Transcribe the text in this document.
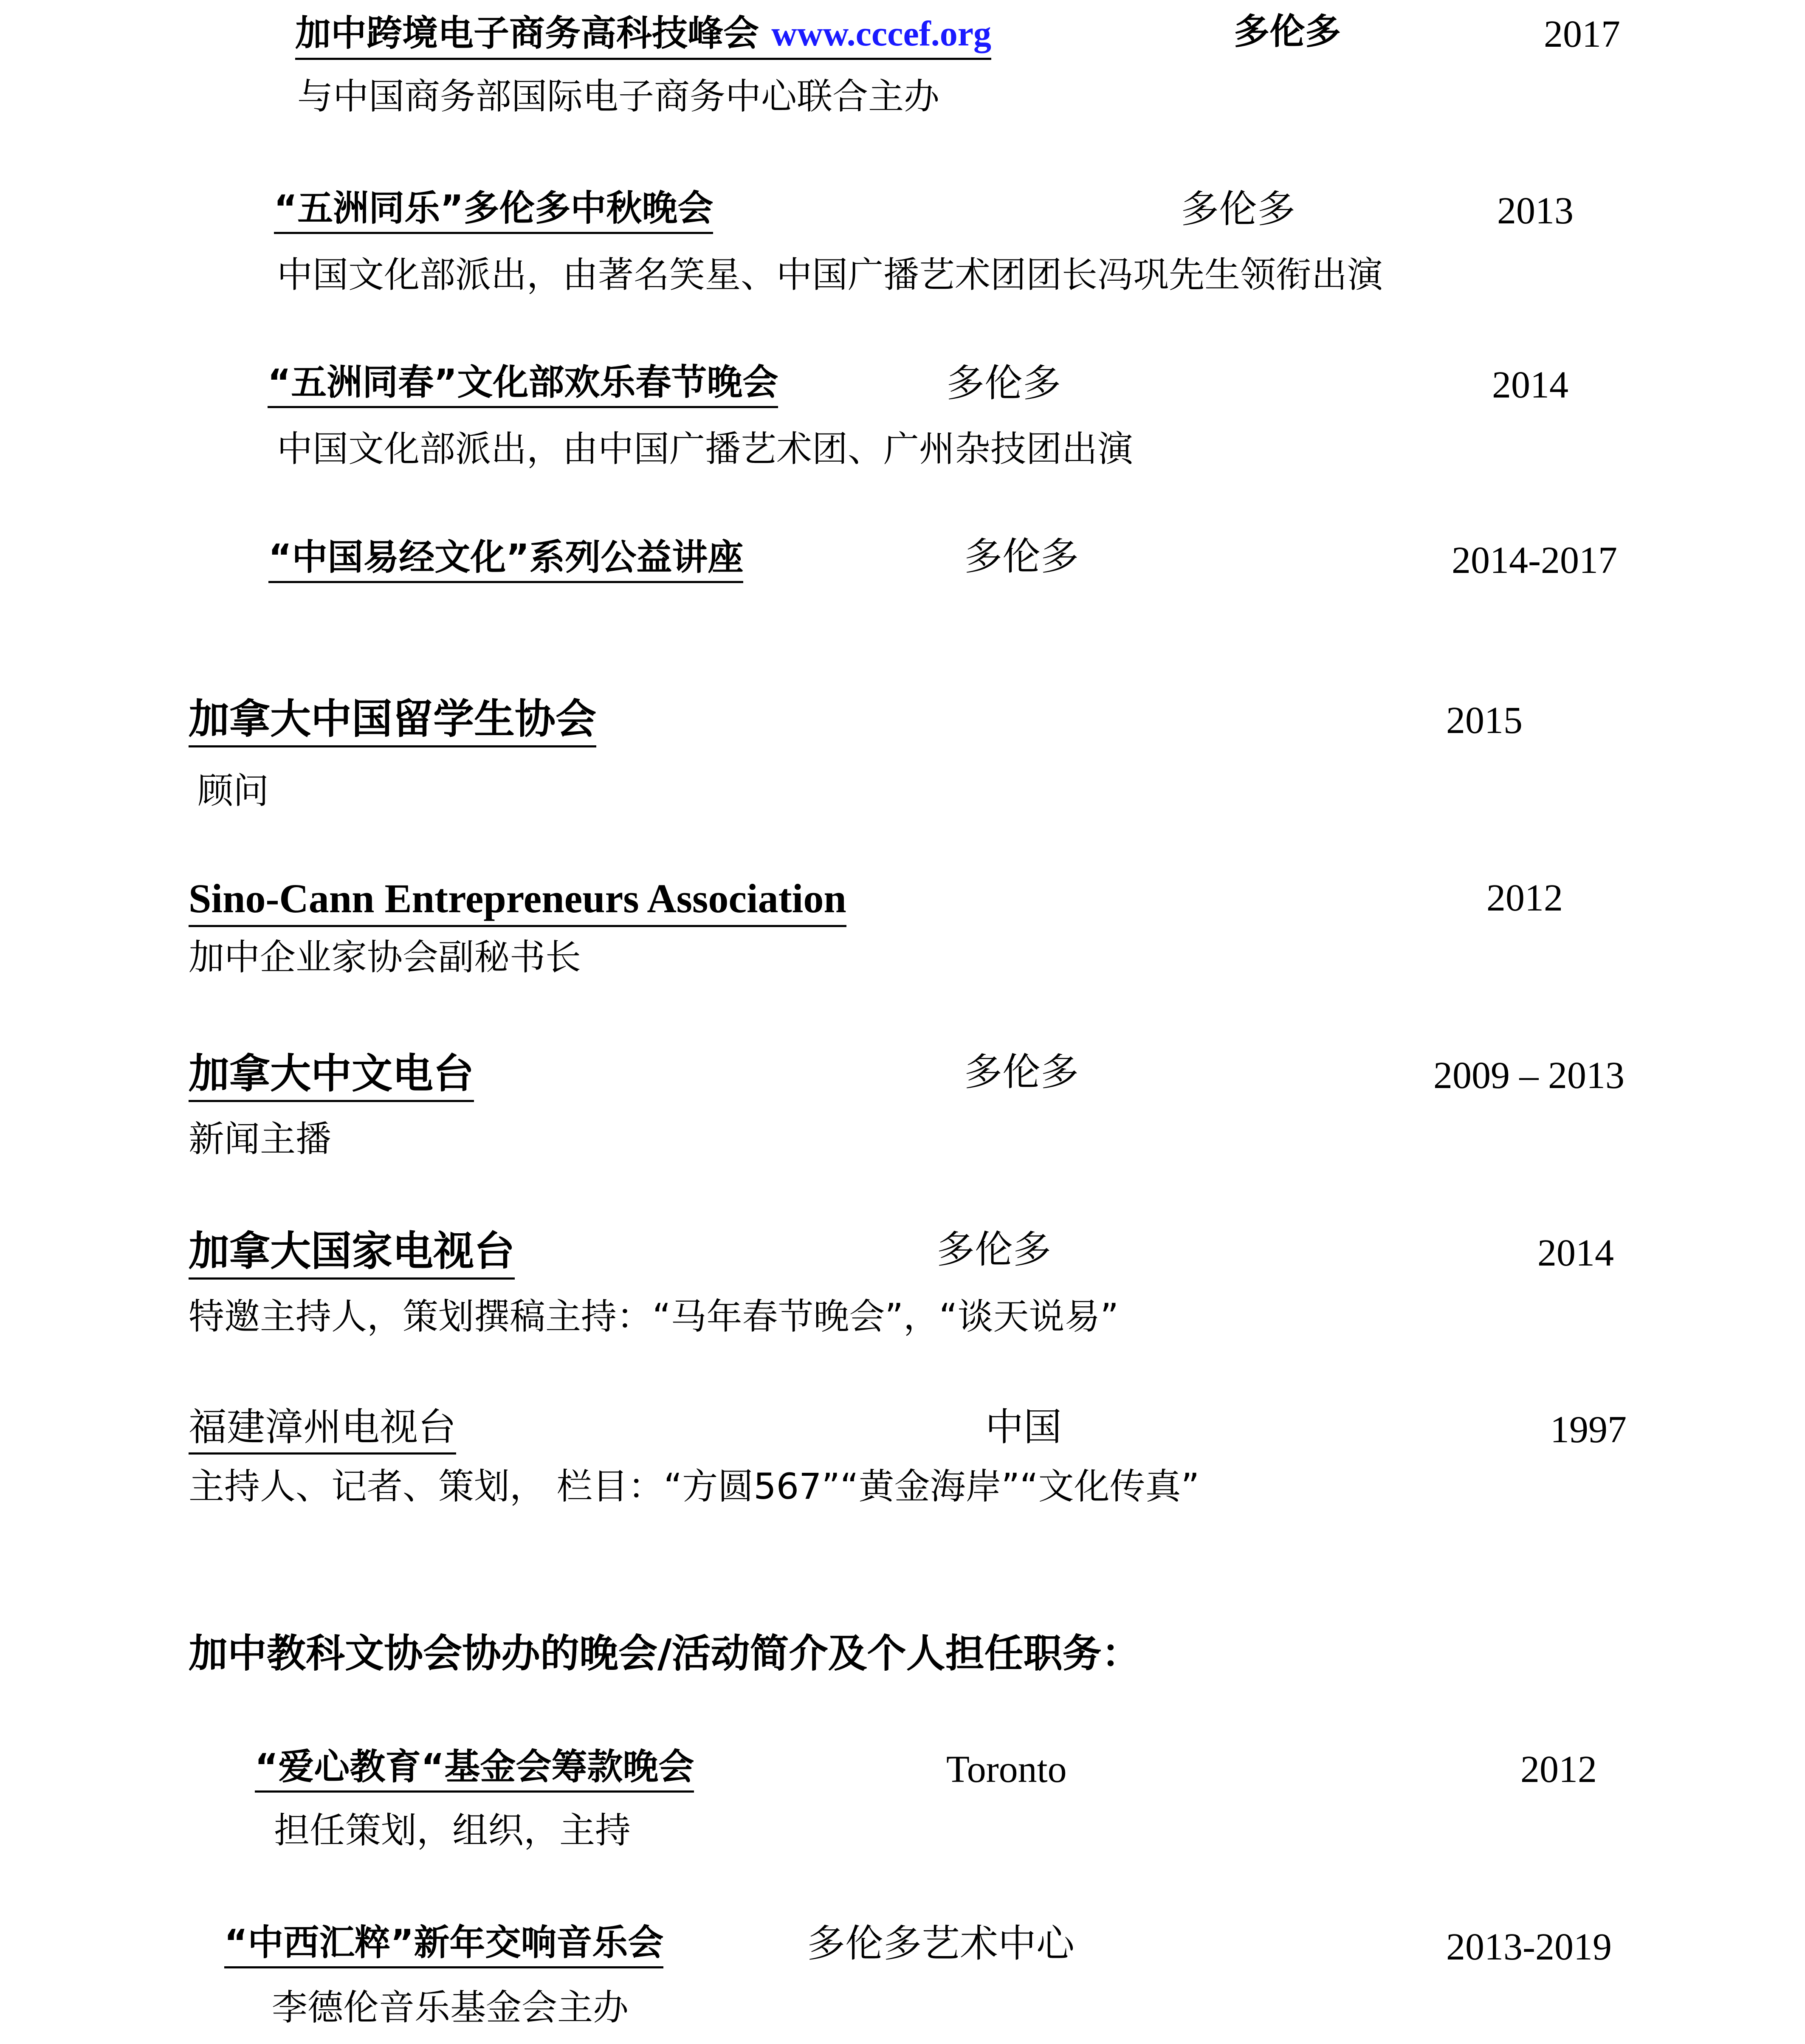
加中跨境电子商务高科技峰会 www.cccef.org	多伦多	2017
与中国商务部国际电子商务中心联合主办
“五洲同乐”多伦多中秋晚会	多伦多	2013
中国文化部派出，由著名笑星、中国广播艺术团团长冯巩先生领衔出演
“五洲同春”文化部欢乐春节晚会	多伦多	2014
中国文化部派出，由中国广播艺术团、广州杂技团出演
“中国易经文化”系列公益讲座	多伦多	2014-2017
加拿大中国留学生协会	2015
顾问
Sino-Cann Entrepreneurs Association	2012
加中企业家协会副秘书长
加拿大中文电台	多伦多	2009 – 2013
新闻主播
加拿大国家电视台	多伦多	2014
特邀主持人，策划撰稿主持：“马年春节晚会”，“谈天说易”
福建漳州电视台	中国	1997
主持人、记者、策划， 栏目：“方圆567”“黄金海岸”“文化传真”
加中教科文协会协办的晚会/活动简介及个人担任职务：
“爱心教育“基金会筹款晚会	Toronto	2012
担任策划，组织，主持
“中西汇粹”新年交响音乐会	多伦多艺术中心	2013-2019
李德伦音乐基金会主办
